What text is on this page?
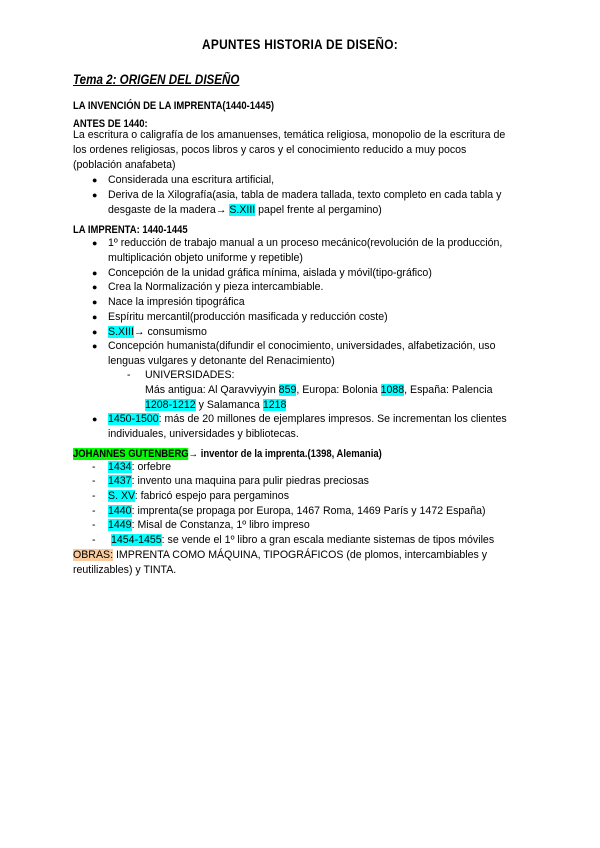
APUNTES HISTORIA DE DISEÑO:
Tema 2: ORIGEN DEL DISEÑO
LA INVENCIÓN DE LA IMPRENTA(1440-1445)
ANTES DE 1440:
La escritura o caligrafía de los amanuenses, temática religiosa, monopolio de la escritura de
los ordenes religiosas, pocos libros y caros y el conocimiento reducido a muy pocos
(población anafabeta)
● Considerada una escritura artificial,
● Deriva de la Xilografía(asia, tabla de madera tallada, texto completo en cada tabla y
desgaste de la madera→ S.XIII papel frente al pergamino)
LA IMPRENTA: 1440-1445
● 1º reducción de trabajo manual a un proceso mecánico(revolución de la producción,
multiplicación objeto uniforme y repetible)
● Concepción de la unidad gráfica mínima, aislada y móvil(tipo-gráfico)
● Crea la Normalización y pieza intercambiable.
● Nace la impresión tipográfica
● Espíritu mercantil(producción masificada y reducción coste)
● S.XIII→ consumismo
● Concepción humanista(difundir el conocimiento, universidades, alfabetización, uso
lenguas vulgares y detonante del Renacimiento)
- UNIVERSIDADES:
Más antigua: Al Qaravviyyin 859, Europa: Bolonia 1088, España: Palencia
1208-1212 y Salamanca 1218
● 1450-1500: más de 20 millones de ejemplares impresos. Se incrementan los clientes
individuales, universidades y bibliotecas.
JOHANNES GUTENBERG→ inventor de la imprenta.(1398, Alemania)
- 1434: orfebre
- 1437: invento una maquina para pulir piedras preciosas
- S. XV: fabricó espejo para pergaminos
- 1440: imprenta(se propaga por Europa, 1467 Roma, 1469 París y 1472 España)
- 1449: Misal de Constanza, 1º libro impreso
- 1454-1455: se vende el 1º libro a gran escala mediante sistemas de tipos móviles
OBRAS: IMPRENTA COMO MÁQUINA, TIPOGRÁFICOS (de plomos, intercambiables y
reutilizables) y TINTA.
